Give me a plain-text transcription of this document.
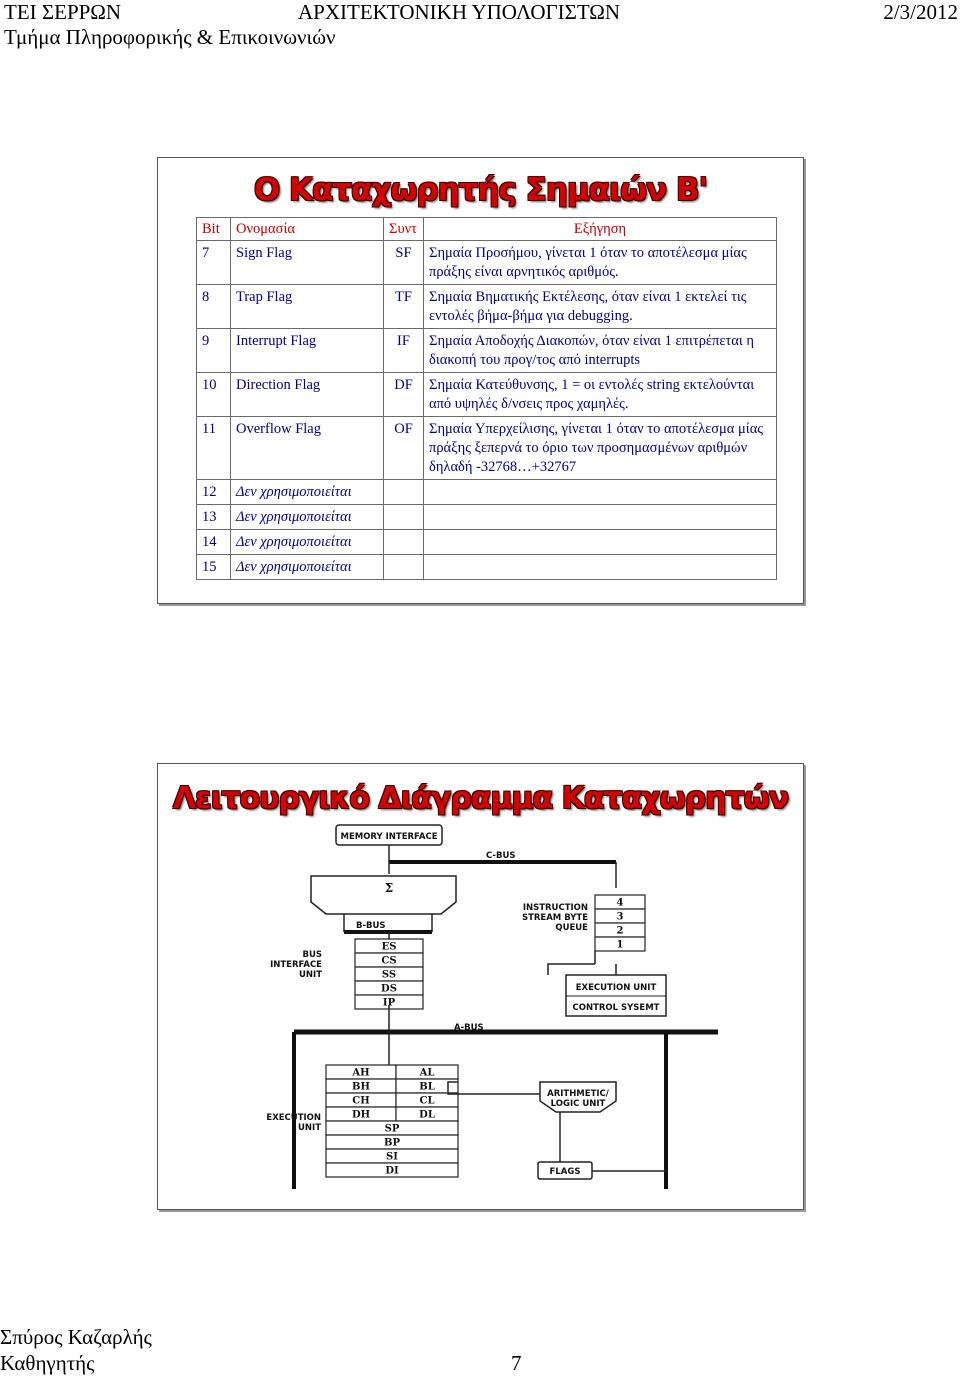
ΤΕΙ ΣΕΡΡΩΝ	ΑΡΧΙΤΕΚΤΟΝΙΚΗ ΥΠΟΛΟΓΙΣΤΩΝ	2/3/2012
Τμήμα Πληροφορικής & Επικοινωνιών
Ο Καταχωρητής Σημαιών Β'
Bit	Ονομασία	Συντ	Εξήγηση
7	Sign Flag	SF	Σημαία Προσήμου, γίνεται 1 όταν το αποτέλεσμα μίας πράξης είναι αρνητικός αριθμός.
8	Trap Flag	TF	Σημαία Βηματικής Εκτέλεσης, όταν είναι 1 εκτελεί τις εντολές βήμα-βήμα για debugging.
9	Interrupt Flag	IF	Σημαία Αποδοχής Διακοπών, όταν είναι 1 επιτρέπεται η διακοπή του προγ/τος από interrupts
10	Direction Flag	DF	Σημαία Κατεύθυνσης, 1 = οι εντολές string εκτελούνται από υψηλές δ/νσεις προς χαμηλές.
11	Overflow Flag	OF	Σημαία Υπερχείλισης, γίνεται 1 όταν το αποτέλεσμα μίας πράξης ξεπερνά το όριο των προσημασμένων αριθμών δηλαδή -32768…+32767
12	Δεν χρησιμοποιείται		
13	Δεν χρησιμοποιείται		
14	Δεν χρησιμοποιείται		
15	Δεν χρησιμοποιείται		
Λειτουργικό Διάγραμμα Καταχωρητών
MEMORY INTERFACE
C-BUS
Σ
B-BUS
ES
CS
SS
DS
IP
BUS
INTERFACE
UNIT
INSTRUCTION
STREAM BYTE
QUEUE
4
3
2
1
EXECUTION UNIT
CONTROL SYSEMT
A-BUS
AH
BH
CH
DH
AL
BL
CL
DL
SP
BP
SI
DI
EXECUTION
UNIT
ARITHMETIC/
LOGIC UNIT
FLAGS
Σπύρος Καζαρλής
Καθηγητής	7
